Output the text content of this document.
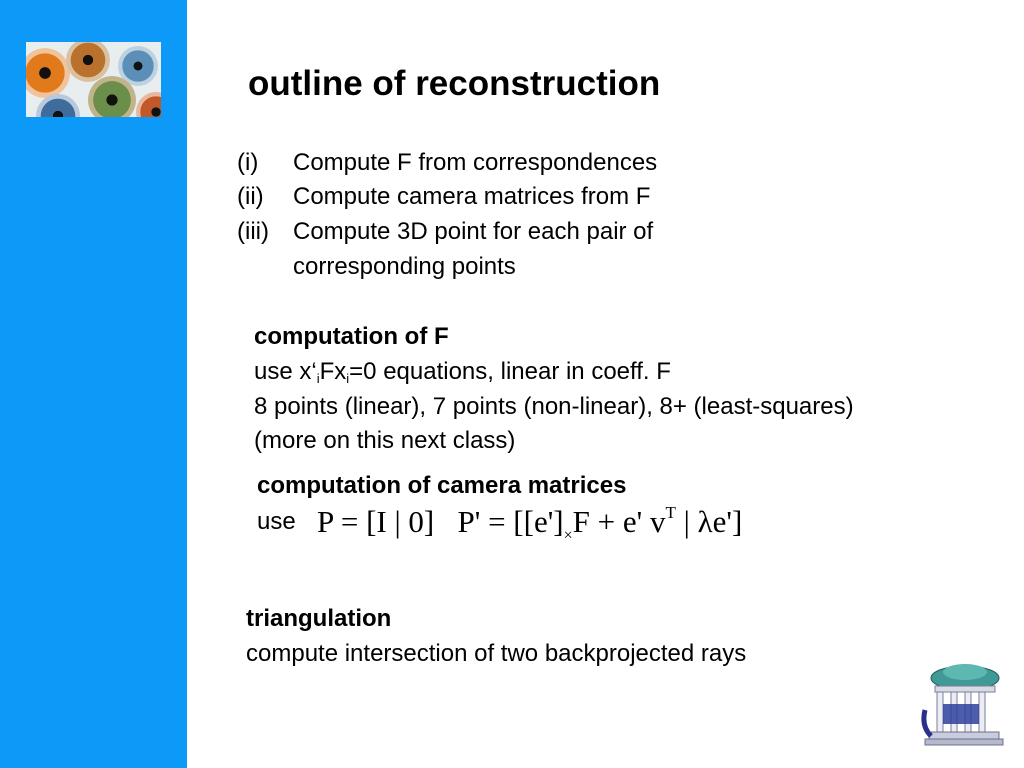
outline of reconstruction
(i) Compute F from correspondences
(ii) Compute camera matrices from F
(iii) Compute 3D point for each pair of
corresponding points
computation of F
use $x‘_iFx_i=0$ equations, linear in coeff. F
8 points (linear), 7 points (non-linear), 8+ (least-squares)
(more on this next class)
computation of camera matrices
use P = [I | 0] $P' = [[e']_\times F + e'$ $v^T$ | λe']
triangulation
compute intersection of two backprojected rays
